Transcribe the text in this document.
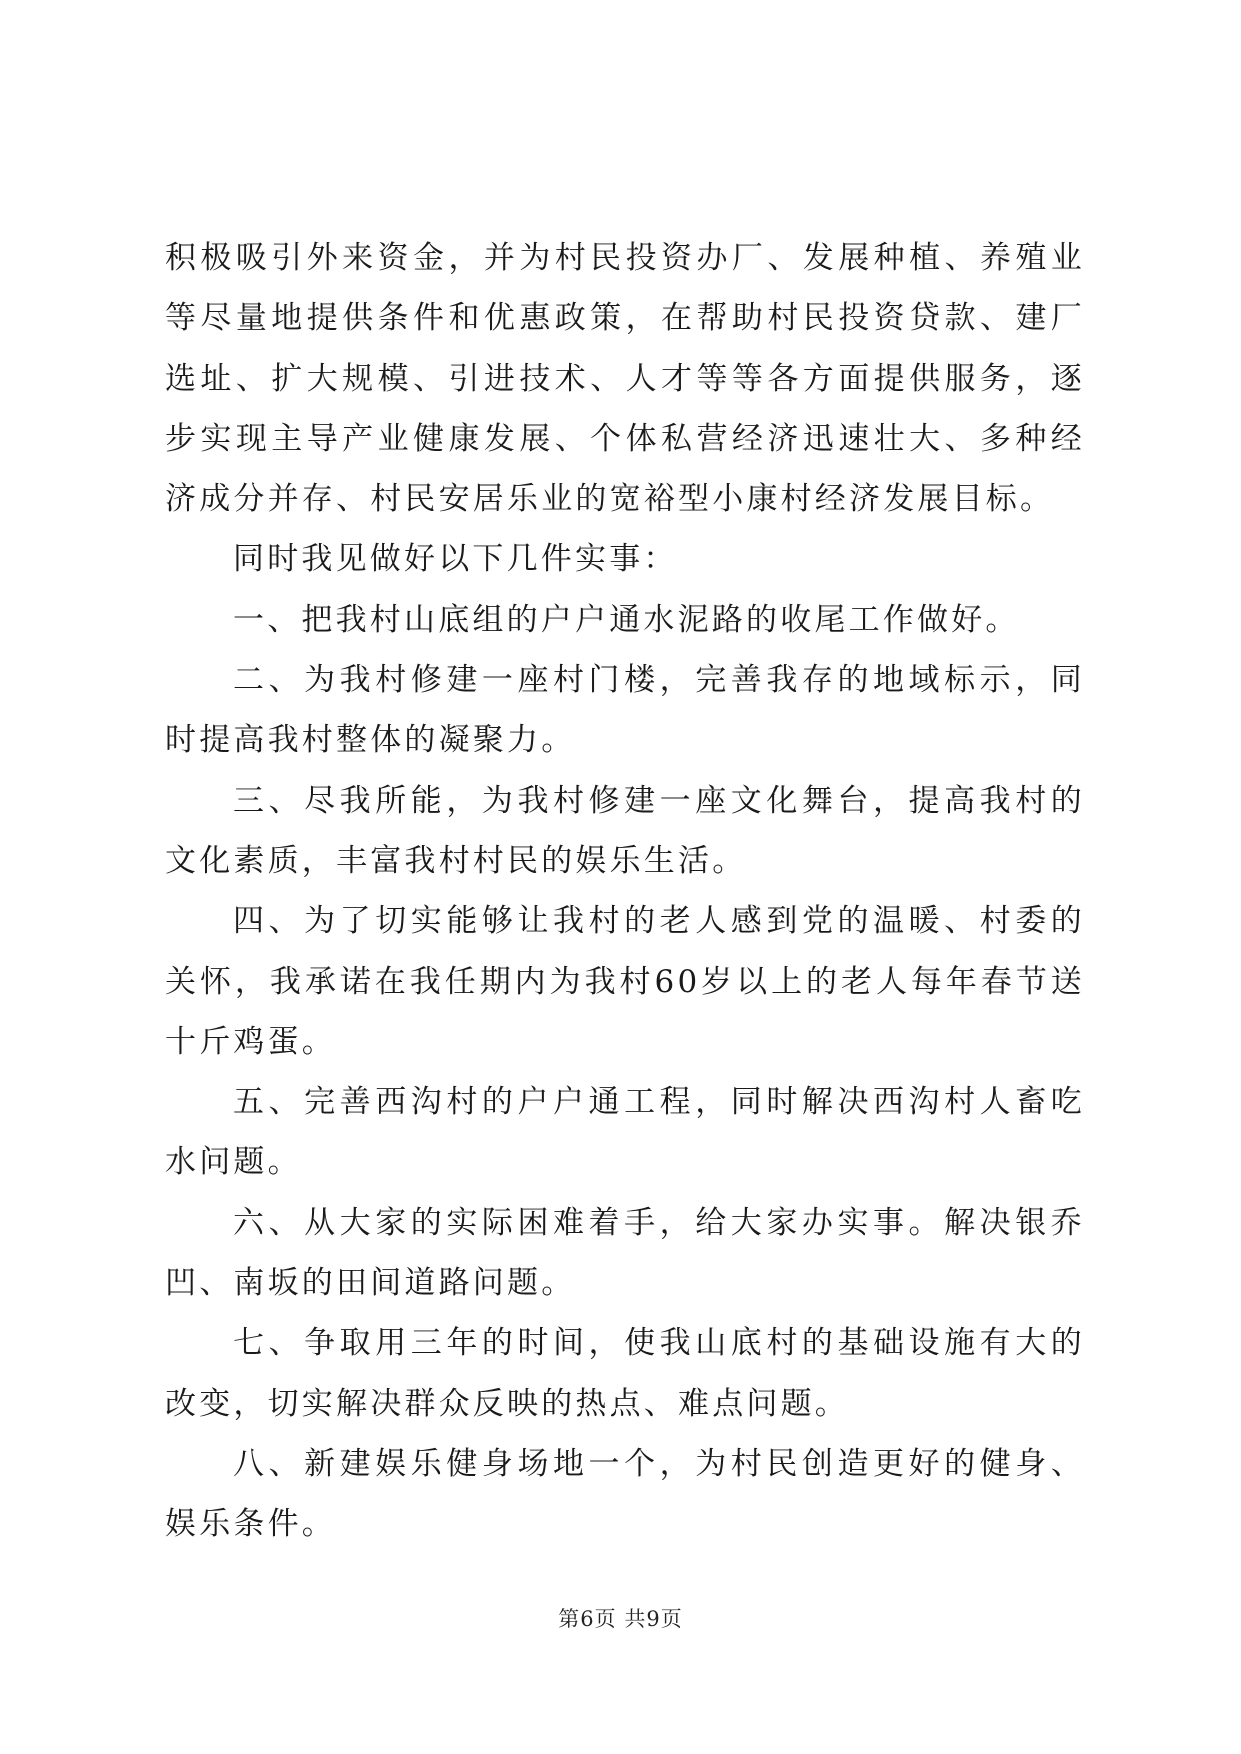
积极吸引外来资金，并为村民投资办厂、发展种植、养殖业等尽量地提供条件和优惠政策，在帮助村民投资贷款、建厂选址、扩大规模、引进技术、人才等等各方面提供服务，逐步实现主导产业健康发展、个体私营经济迅速壮大、多种经济成分并存、村民安居乐业的宽裕型小康村经济发展目标。

同时我见做好以下几件实事：

一、把我村山底组的户户通水泥路的收尾工作做好。

二、为我村修建一座村门楼，完善我存的地域标示，同时提高我村整体的凝聚力。

三、尽我所能，为我村修建一座文化舞台，提高我村的文化素质，丰富我村村民的娱乐生活。

四、为了切实能够让我村的老人感到党的温暖、村委的关怀，我承诺在我任期内为我村60岁以上的老人每年春节送十斤鸡蛋。

五、完善西沟村的户户通工程，同时解决西沟村人畜吃水问题。

六、从大家的实际困难着手，给大家办实事。解决银乔凹、南坂的田间道路问题。

七、争取用三年的时间，使我山底村的基础设施有大的改变，切实解决群众反映的热点、难点问题。

八、新建娱乐健身场地一个，为村民创造更好的健身、娱乐条件。

第6页 共9页
